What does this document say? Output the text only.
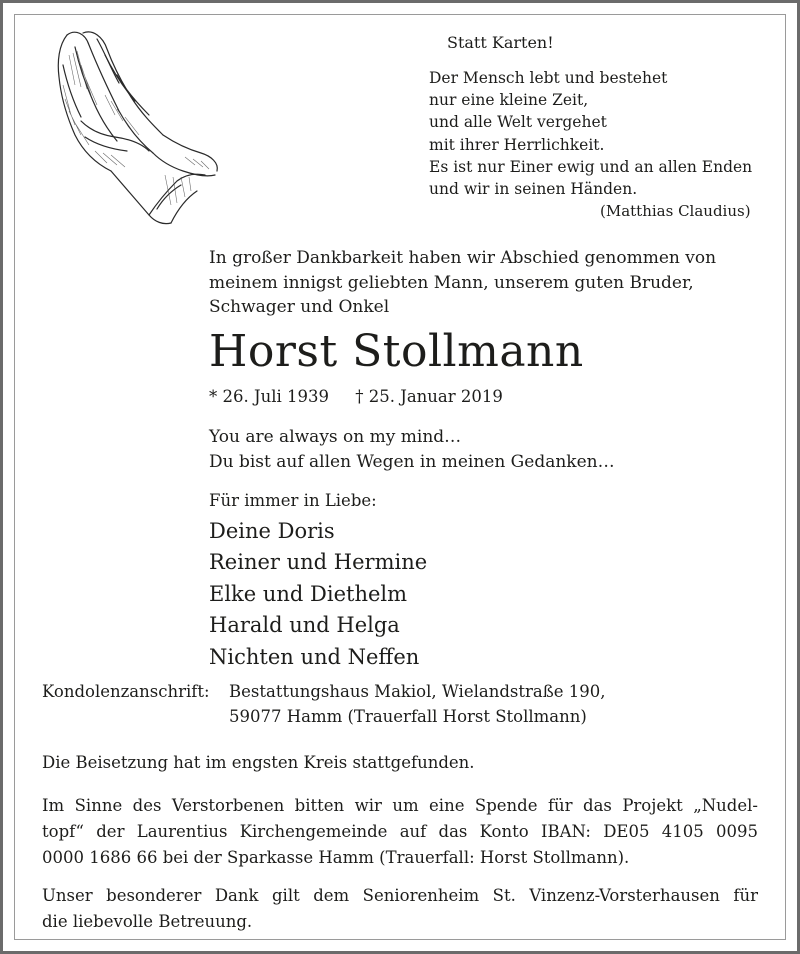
Statt Karten!
Der Mensch lebt und bestehet
nur eine kleine Zeit,
und alle Welt vergehet
mit ihrer Herrlichkeit.
Es ist nur Einer ewig und an allen Enden
und wir in seinen Händen.
(Matthias Claudius)
In großer Dankbarkeit haben wir Abschied genommen von
meinem innigst geliebten Mann, unserem guten Bruder,
Schwager und Onkel
Horst Stollmann
* 26. Juli 1939     † 25. Januar 2019
You are always on my mind…
Du bist auf allen Wegen in meinen Gedanken…
Für immer in Liebe:
Deine Doris
Reiner und Hermine
Elke und Diethelm
Harald und Helga
Nichten und Neffen
Kondolenzanschrift: Bestattungshaus Makiol, Wielandstraße 190,
59077 Hamm (Trauerfall Horst Stollmann)
Die Beisetzung hat im engsten Kreis stattgefunden.
Im Sinne des Verstorbenen bitten wir um eine Spende für das Projekt „Nudel-
topf“ der Laurentius Kirchengemeinde auf das Konto IBAN: DE05 4105 0095
0000 1686 66 bei der Sparkasse Hamm (Trauerfall: Horst Stollmann).
Unser besonderer Dank gilt dem Seniorenheim St. Vinzenz-Vorsterhausen für
die liebevolle Betreuung.
